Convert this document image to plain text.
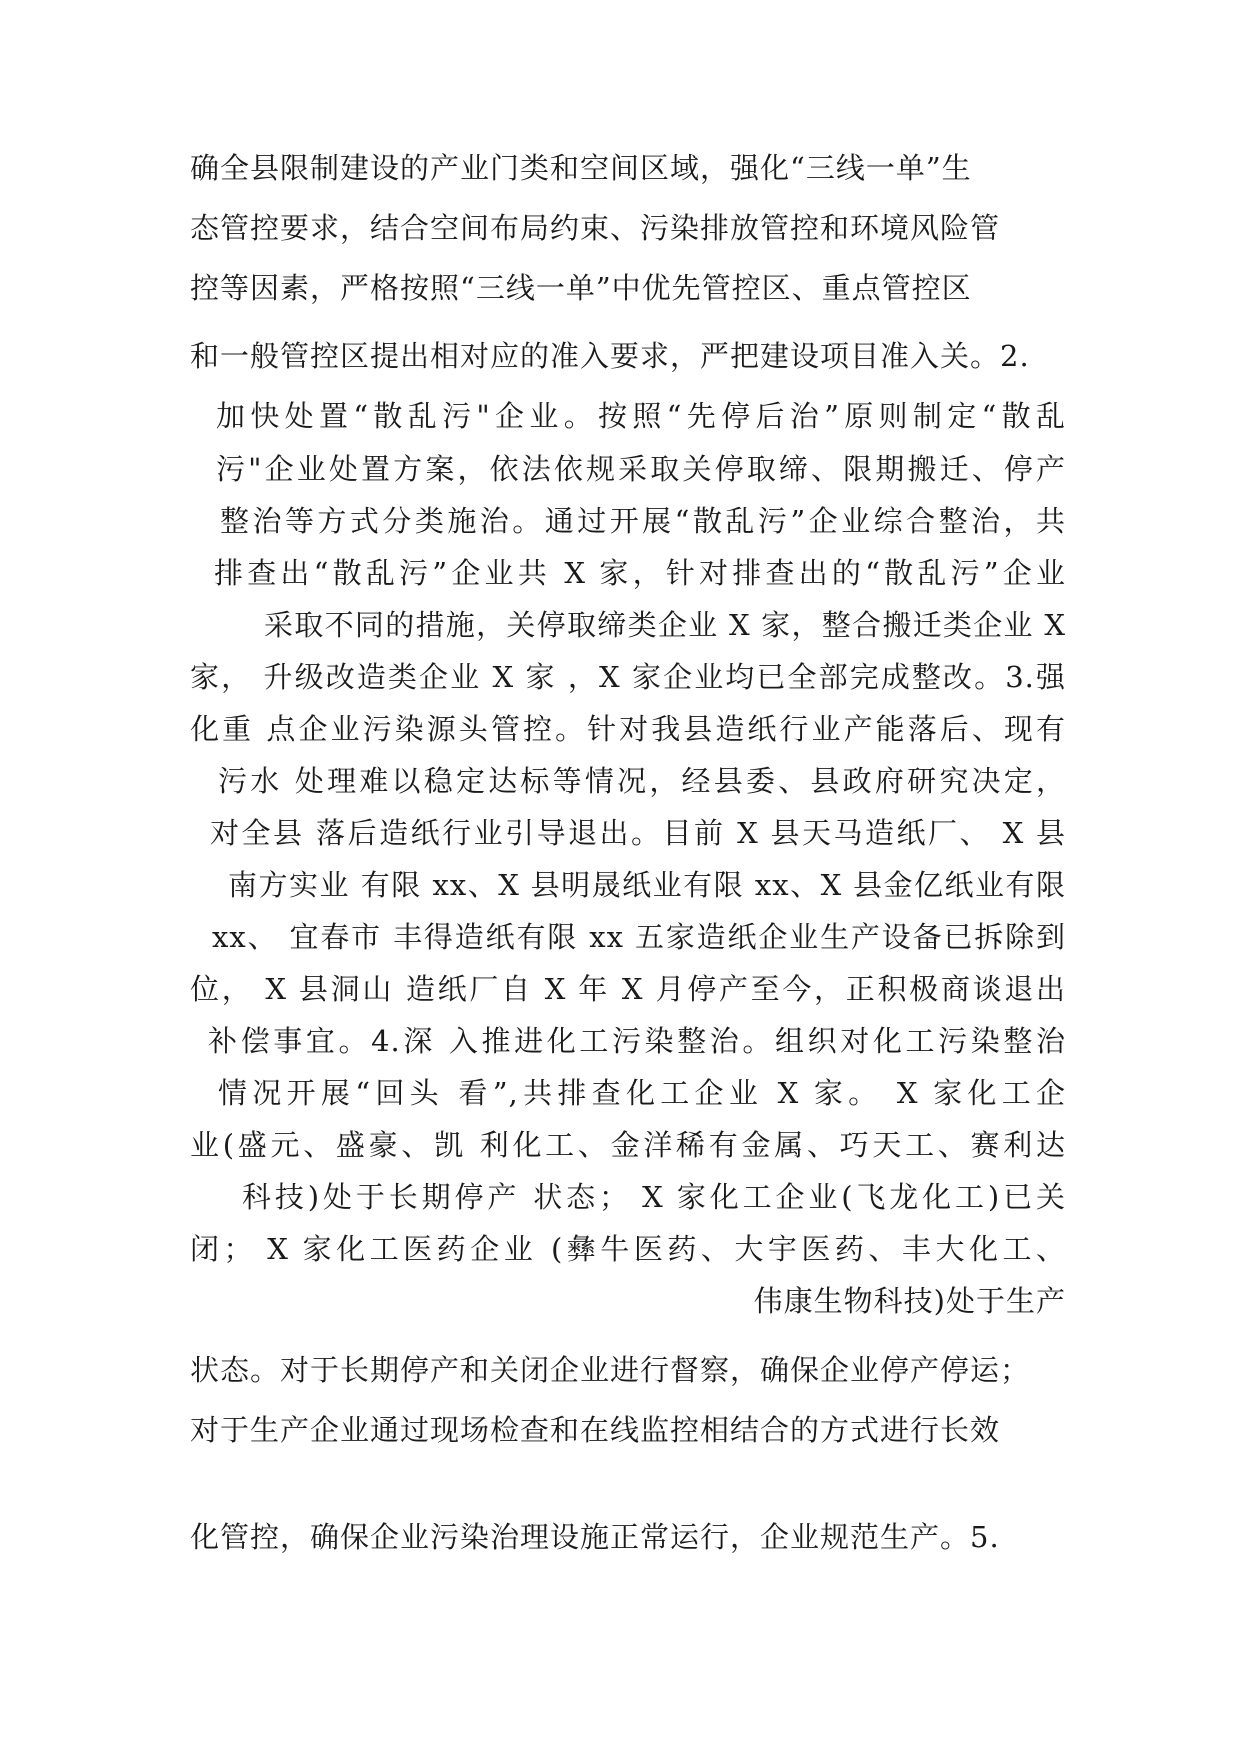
确全县限制建设的产业门类和空间区域，强化“三线一单”生
态管控要求，结合空间布局约束、污染排放管控和环境风险管
控等因素，严格按照“三线一单”中优先管控区、重点管控区
和一般管控区提出相对应的准入要求，严把建设项目准入关。2.
加快处置“散乱污"企业。按照“先停后治”原则制定“散乱
污"企业处置方案，依法依规采取关停取缔、限期搬迁、停产
整治等方式分类施治。通过开展“散乱污”企业综合整治，共
排查出“散乱污”企业共 X 家，针对排查出的“散乱污”企业
采取不同的措施，关停取缔类企业 X 家，整合搬迁类企业 X
家， 升级改造类企业 X 家 ，X 家企业均已全部完成整改。3.强
化重 点企业污染源头管控。针对我县造纸行业产能落后、现有
污水 处理难以稳定达标等情况，经县委、县政府研究决定，
对全县 落后造纸行业引导退出。目前 X 县天马造纸厂、 X 县
南方实业 有限 xx、X 县明晟纸业有限 xx、X 县金亿纸业有限
xx、 宜春市 丰得造纸有限 xx 五家造纸企业生产设备已拆除到
位， X 县洞山 造纸厂自 X 年 X 月停产至今，正积极商谈退出
补偿事宜。4.深 入推进化工污染整治。组织对化工污染整治
情况开展“回头 看”,共排查化工企业 X 家。 X 家化工企
业(盛元、盛豪、凯 利化工、金洋稀有金属、巧天工、赛利达
科技)处于长期停产 状态； X 家化工企业(飞龙化工)已关
闭； X 家化工医药企业 (彝牛医药、大宇医药、丰大化工、
伟康生物科技)处于生产
状态。对于长期停产和关闭企业进行督察，确保企业停产停运；
对于生产企业通过现场检查和在线监控相结合的方式进行长效
化管控，确保企业污染治理设施正常运行，企业规范生产。5.
